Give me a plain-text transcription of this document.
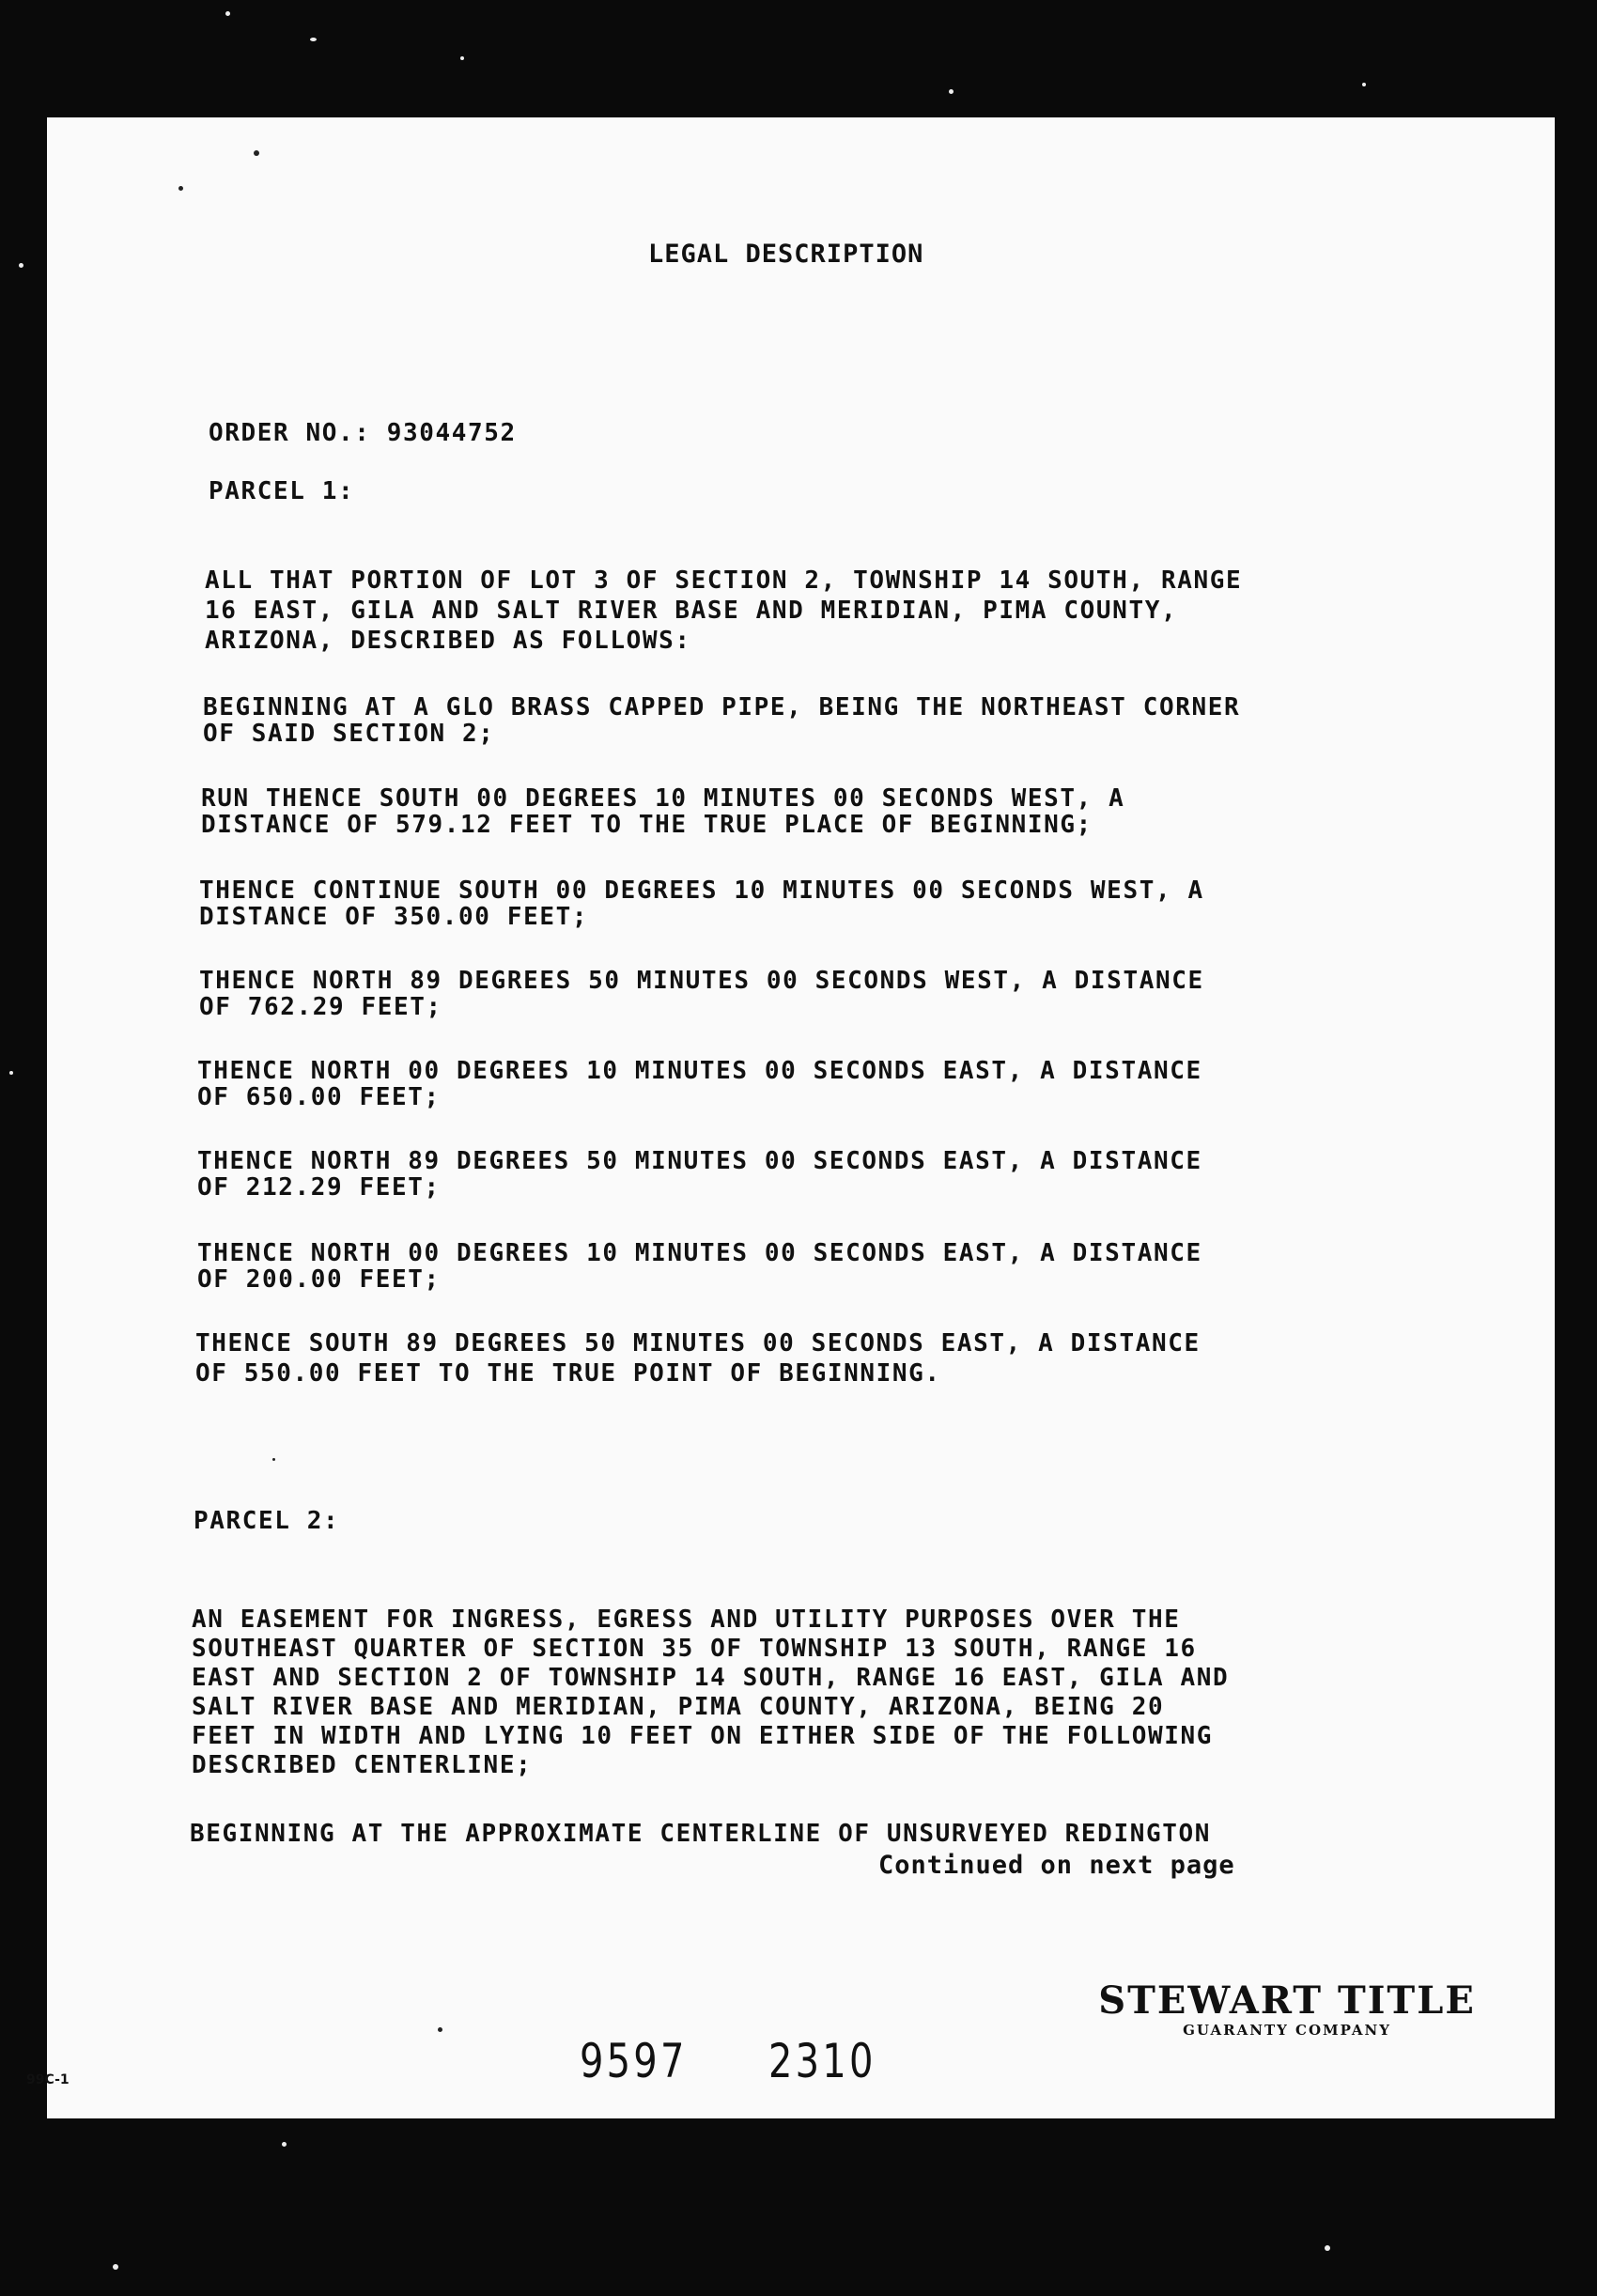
LEGAL DESCRIPTION
ORDER NO.: 93044752
PARCEL 1:
ALL THAT PORTION OF LOT 3 OF SECTION 2, TOWNSHIP 14 SOUTH, RANGE
16 EAST, GILA AND SALT RIVER BASE AND MERIDIAN, PIMA COUNTY,
ARIZONA, DESCRIBED AS FOLLOWS:
BEGINNING AT A GLO BRASS CAPPED PIPE, BEING THE NORTHEAST CORNER
OF SAID SECTION 2;
RUN THENCE SOUTH 00 DEGREES 10 MINUTES 00 SECONDS WEST, A
DISTANCE OF 579.12 FEET TO THE TRUE PLACE OF BEGINNING;
THENCE CONTINUE SOUTH 00 DEGREES 10 MINUTES 00 SECONDS WEST, A
DISTANCE OF 350.00 FEET;
THENCE NORTH 89 DEGREES 50 MINUTES 00 SECONDS WEST, A DISTANCE
OF 762.29 FEET;
THENCE NORTH 00 DEGREES 10 MINUTES 00 SECONDS EAST, A DISTANCE
OF 650.00 FEET;
THENCE NORTH 89 DEGREES 50 MINUTES 00 SECONDS EAST, A DISTANCE
OF 212.29 FEET;
THENCE NORTH 00 DEGREES 10 MINUTES 00 SECONDS EAST, A DISTANCE
OF 200.00 FEET;
THENCE SOUTH 89 DEGREES 50 MINUTES 00 SECONDS EAST, A DISTANCE
OF 550.00 FEET TO THE TRUE POINT OF BEGINNING.
PARCEL 2:
AN EASEMENT FOR INGRESS, EGRESS AND UTILITY PURPOSES OVER THE
SOUTHEAST QUARTER OF SECTION 35 OF TOWNSHIP 13 SOUTH, RANGE 16
EAST AND SECTION 2 OF TOWNSHIP 14 SOUTH, RANGE 16 EAST, GILA AND
SALT RIVER BASE AND MERIDIAN, PIMA COUNTY, ARIZONA, BEING 20
FEET IN WIDTH AND LYING 10 FEET ON EITHER SIDE OF THE FOLLOWING
DESCRIBED CENTERLINE;
BEGINNING AT THE APPROXIMATE CENTERLINE OF UNSURVEYED REDINGTON
Continued on next page
STEWART TITLE
GUARANTY COMPANY
9597 2310
99C-1
